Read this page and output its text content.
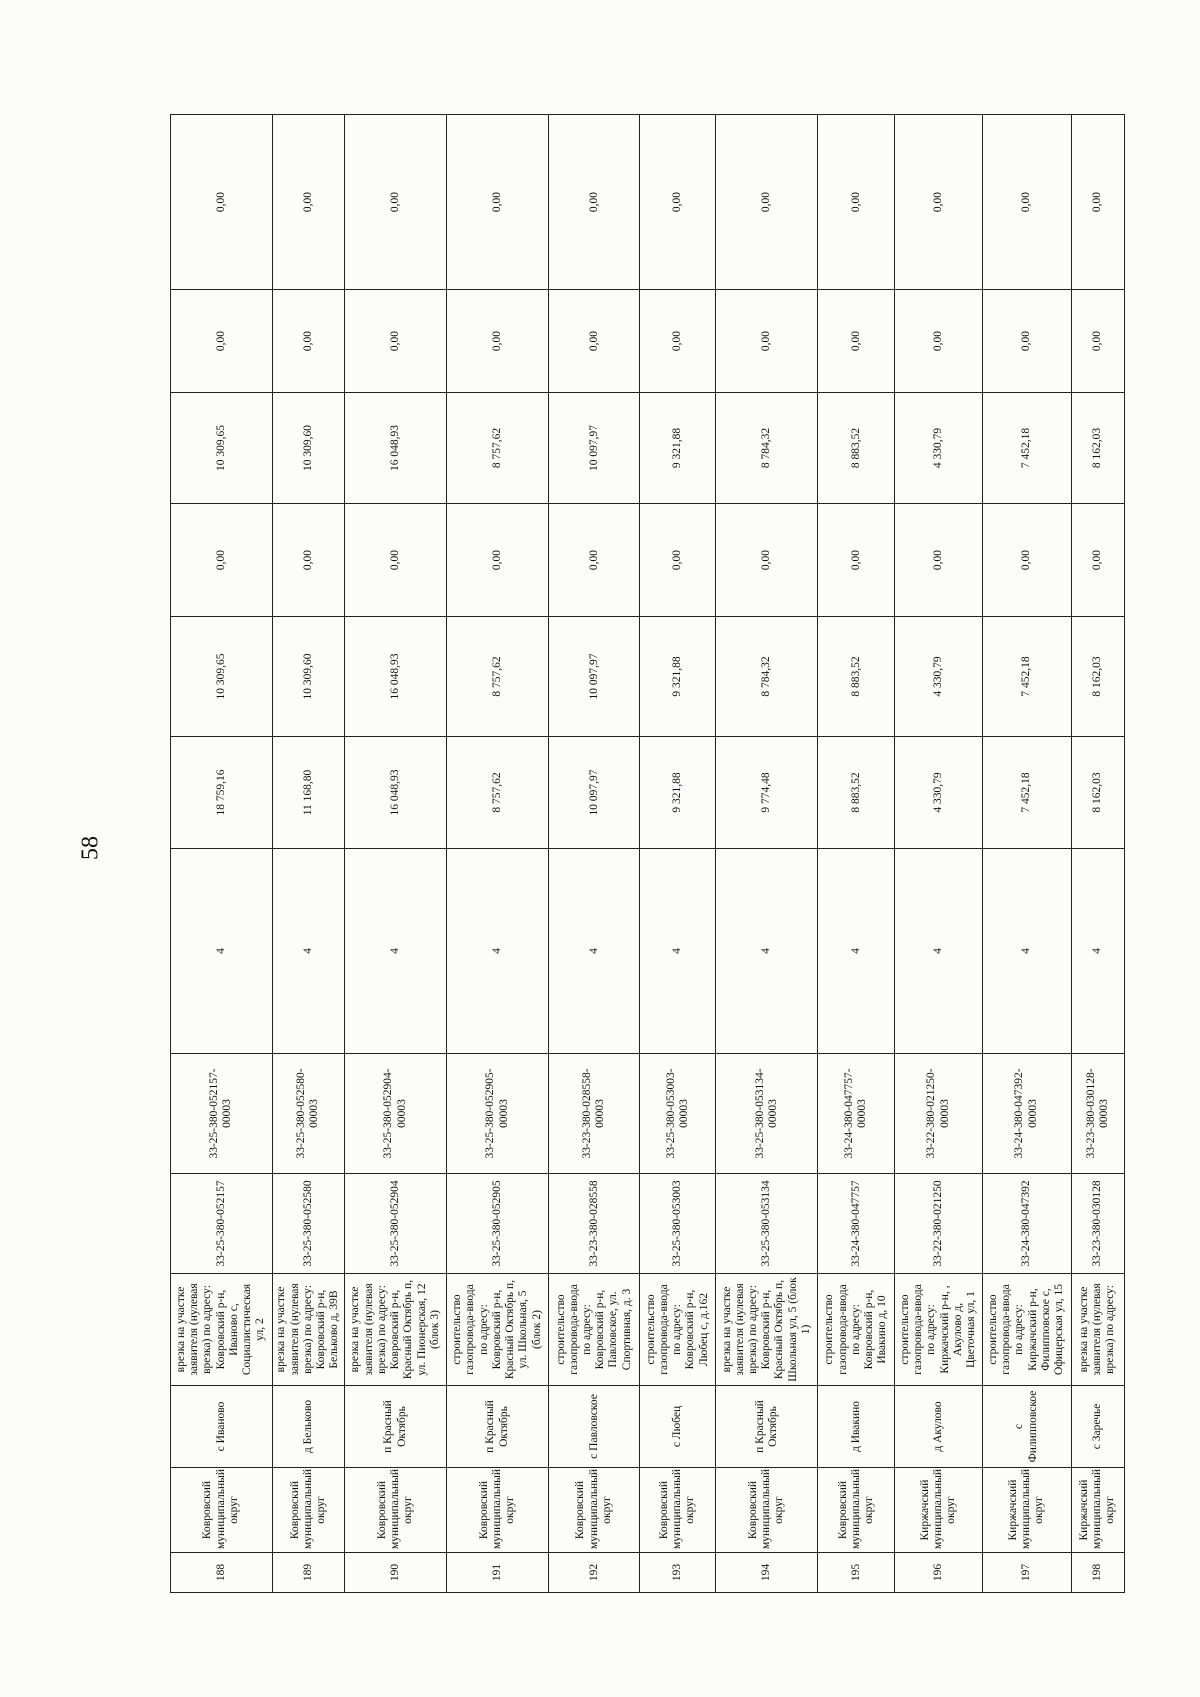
58
188	Ковровский муниципальный округ	с Иваново	врезка на участке заявителя (нулевая врезка) по адресу: Ковровский р-н, Иваново с, Социалистическая ул, 2	33-25-380-052157	33-25-380-052157-00003	4	18 759,16	10 309,65	0,00	10 309,65	0,00	0,00
189	Ковровский муниципальный округ	д Бельково	врезка на участке заявителя (нулевая врезка) по адресу: Ковровский р-н, Бельково д, 39В	33-25-380-052580	33-25-380-052580-00003	4	11 168,80	10 309,60	0,00	10 309,60	0,00	0,00
190	Ковровский муниципальный округ	п Красный Октябрь	врезка на участке заявителя (нулевая врезка) по адресу: Ковровский р-н, Красный Октябрь п, ул. Пионерская, 12 (блок 3)	33-25-380-052904	33-25-380-052904-00003	4	16 048,93	16 048,93	0,00	16 048,93	0,00	0,00
191	Ковровский муниципальный округ	п Красный Октябрь	строительство газопровода-ввода по адресу: Ковровский р-н, Красный Октябрь п, ул. Школьная, 5 (блок 2)	33-25-380-052905	33-25-380-052905-00003	4	8 757,62	8 757,62	0,00	8 757,62	0,00	0,00
192	Ковровский муниципальный округ	с Павловское	строительство газопровода-ввода по адресу: Ковровский р-н, Павловское, ул. Спортивная, д. 3	33-23-380-028558	33-23-380-028558-00003	4	10 097,97	10 097,97	0,00	10 097,97	0,00	0,00
193	Ковровский муниципальный округ	с Любец	строительство газопровода-ввода по адресу: Ковровский р-н, Любец с, д.162	33-25-380-053003	33-25-380-053003-00003	4	9 321,88	9 321,88	0,00	9 321,88	0,00	0,00
194	Ковровский муниципальный округ	п Красный Октябрь	врезка на участке заявителя (нулевая врезка) по адресу: Ковровский р-н, Красный Октябрь п, Школьная ул, 5 (блок 1)	33-25-380-053134	33-25-380-053134-00003	4	9 774,48	8 784,32	0,00	8 784,32	0,00	0,00
195	Ковровский муниципальный округ	д Ивакино	строительство газопровода-ввода по адресу: Ковровский р-н, Ивакино д, 10	33-24-380-047757	33-24-380-047757-00003	4	8 883,52	8 883,52	0,00	8 883,52	0,00	0,00
196	Киржачский муниципальный округ	д Акулово	строительство газопровода-ввода по адресу: Киржачский р-н, , Акулово д, Цветочная ул, 1	33-22-380-021250	33-22-380-021250-00003	4	4 330,79	4 330,79	0,00	4 330,79	0,00	0,00
197	Киржачский муниципальный округ	с Филипповское	строительство газопровода-ввода по адресу: Киржачский р-н, Филипповское с, Офицерская ул, 15	33-24-380-047392	33-24-380-047392-00003	4	7 452,18	7 452,18	0,00	7 452,18	0,00	0,00
198	Киржачский муниципальный округ	с Заречье	врезка на участке заявителя (нулевая врезка) по адресу:	33-23-380-030128	33-23-380-030128-00003	4	8 162,03	8 162,03	0,00	8 162,03	0,00	0,00
